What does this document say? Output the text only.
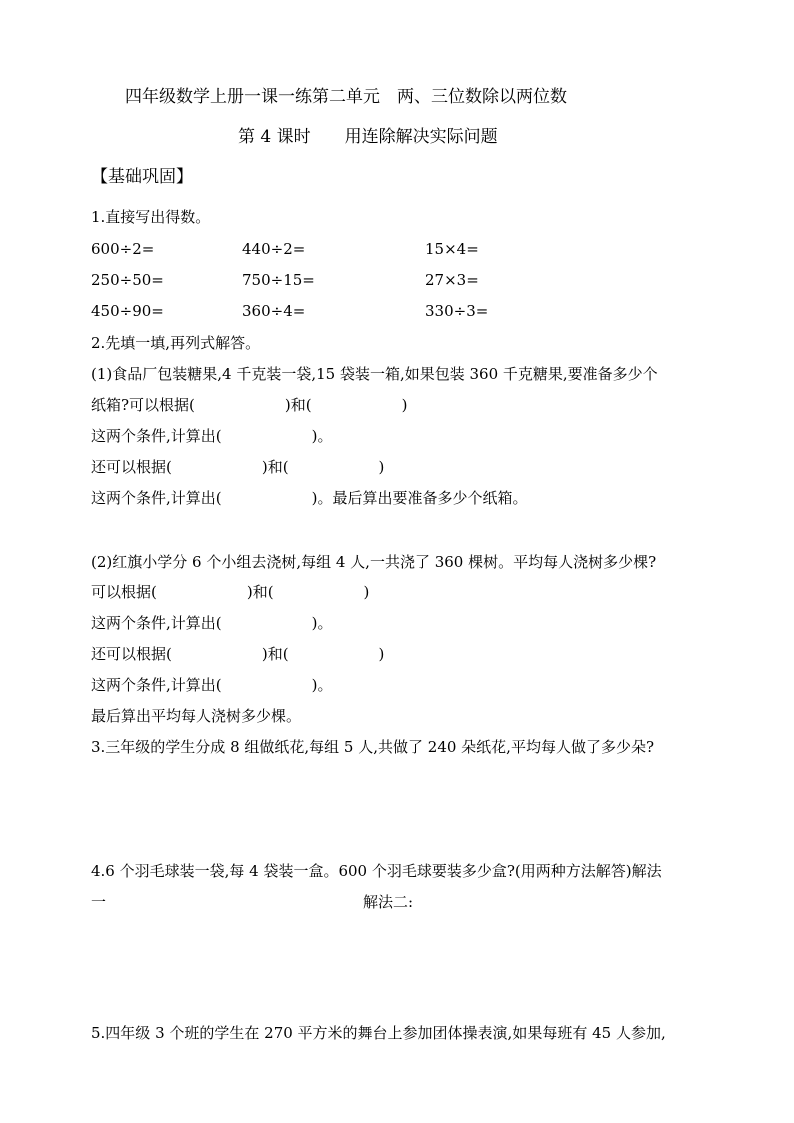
四年级数学上册一课一练第二单元　两、三位数除以两位数
第 4 课时　　用连除解决实际问题
【基础巩固】
1.直接写出得数。
600÷2=	440÷2=	15×4=
250÷50=	750÷15=	27×3=
450÷90=	360÷4=	330÷3=
2.先填一填,再列式解答。
(1)食品厂包装糖果,4 千克装一袋,15 袋装一箱,如果包装 360 千克糖果,要准备多少个
纸箱?可以根据(　　　　　　)和(　　　　　　)
这两个条件,计算出(　　　　　　)。
还可以根据(　　　　　　)和(　　　　　　)
这两个条件,计算出(　　　　　　)。最后算出要准备多少个纸箱。
(2)红旗小学分 6 个小组去浇树,每组 4 人,一共浇了 360 棵树。平均每人浇树多少棵?
可以根据(　　　　　　)和(　　　　　　)
这两个条件,计算出(　　　　　　)。
还可以根据(　　　　　　)和(　　　　　　)
这两个条件,计算出(　　　　　　)。
最后算出平均每人浇树多少棵。
3.三年级的学生分成 8 组做纸花,每组 5 人,共做了 240 朵纸花,平均每人做了多少朵?
4.6 个羽毛球装一袋,每 4 袋装一盒。600 个羽毛球要装多少盒?(用两种方法解答)解法
一	解法二:
5.四年级 3 个班的学生在 270 平方米的舞台上参加团体操表演,如果每班有 45 人参加,
